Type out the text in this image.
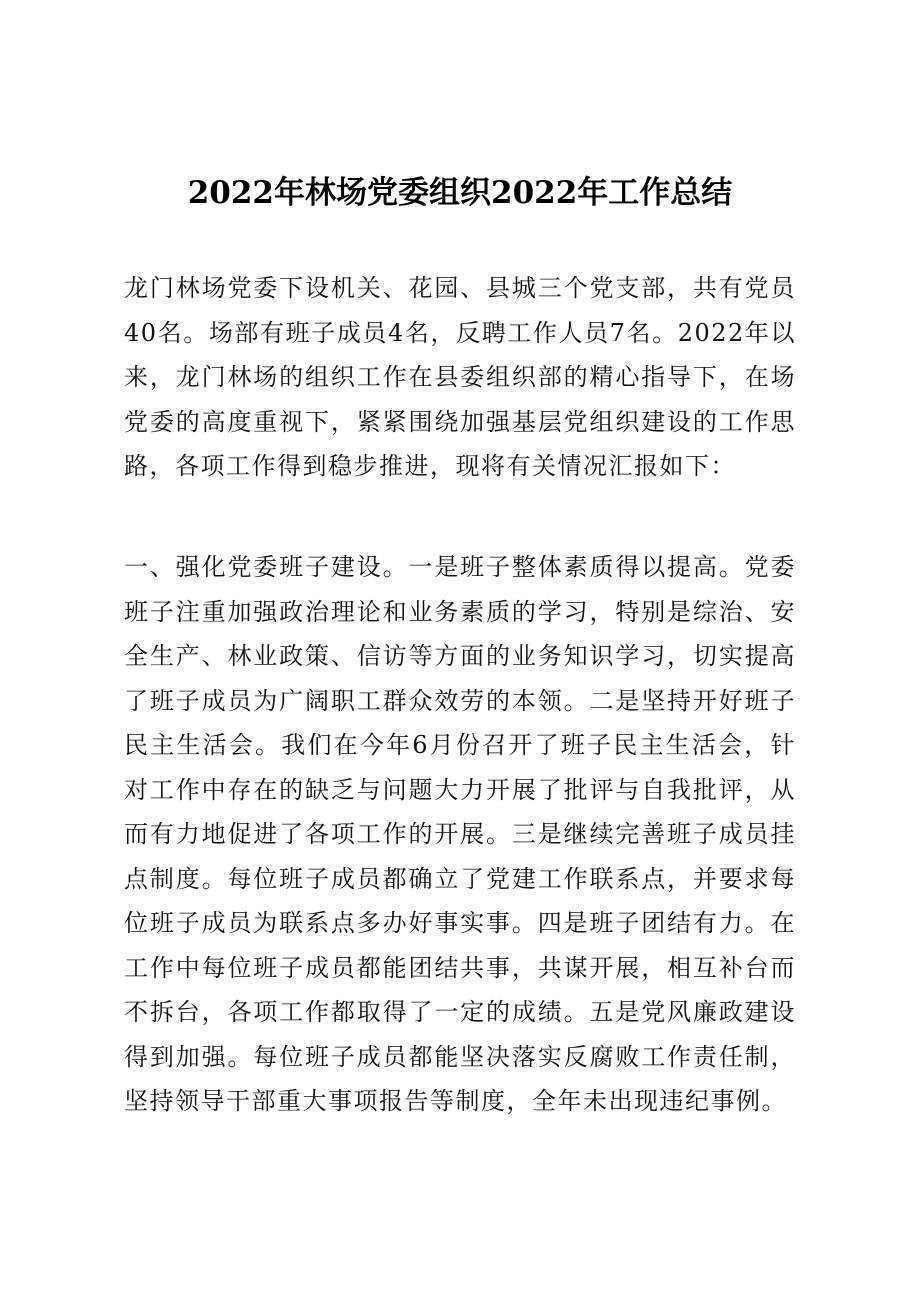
2022年林场党委组织2022年工作总结

龙门林场党委下设机关、花园、县城三个党支部，共有党员40名。场部有班子成员4名，反聘工作人员7名。2022年以来，龙门林场的组织工作在县委组织部的精心指导下，在场党委的高度重视下，紧紧围绕加强基层党组织建设的工作思路，各项工作得到稳步推进，现将有关情况汇报如下：

一、强化党委班子建设。一是班子整体素质得以提高。党委班子注重加强政治理论和业务素质的学习，特别是综治、安全生产、林业政策、信访等方面的业务知识学习，切实提高了班子成员为广阔职工群众效劳的本领。二是坚持开好班子民主生活会。我们在今年6月份召开了班子民主生活会，针对工作中存在的缺乏与问题大力开展了批评与自我批评，从而有力地促进了各项工作的开展。三是继续完善班子成员挂点制度。每位班子成员都确立了党建工作联系点，并要求每位班子成员为联系点多办好事实事。四是班子团结有力。在工作中每位班子成员都能团结共事，共谋开展，相互补台而不拆台，各项工作都取得了一定的成绩。五是党风廉政建设得到加强。每位班子成员都能坚决落实反腐败工作责任制，坚持领导干部重大事项报告等制度，全年未出现违纪事例。
